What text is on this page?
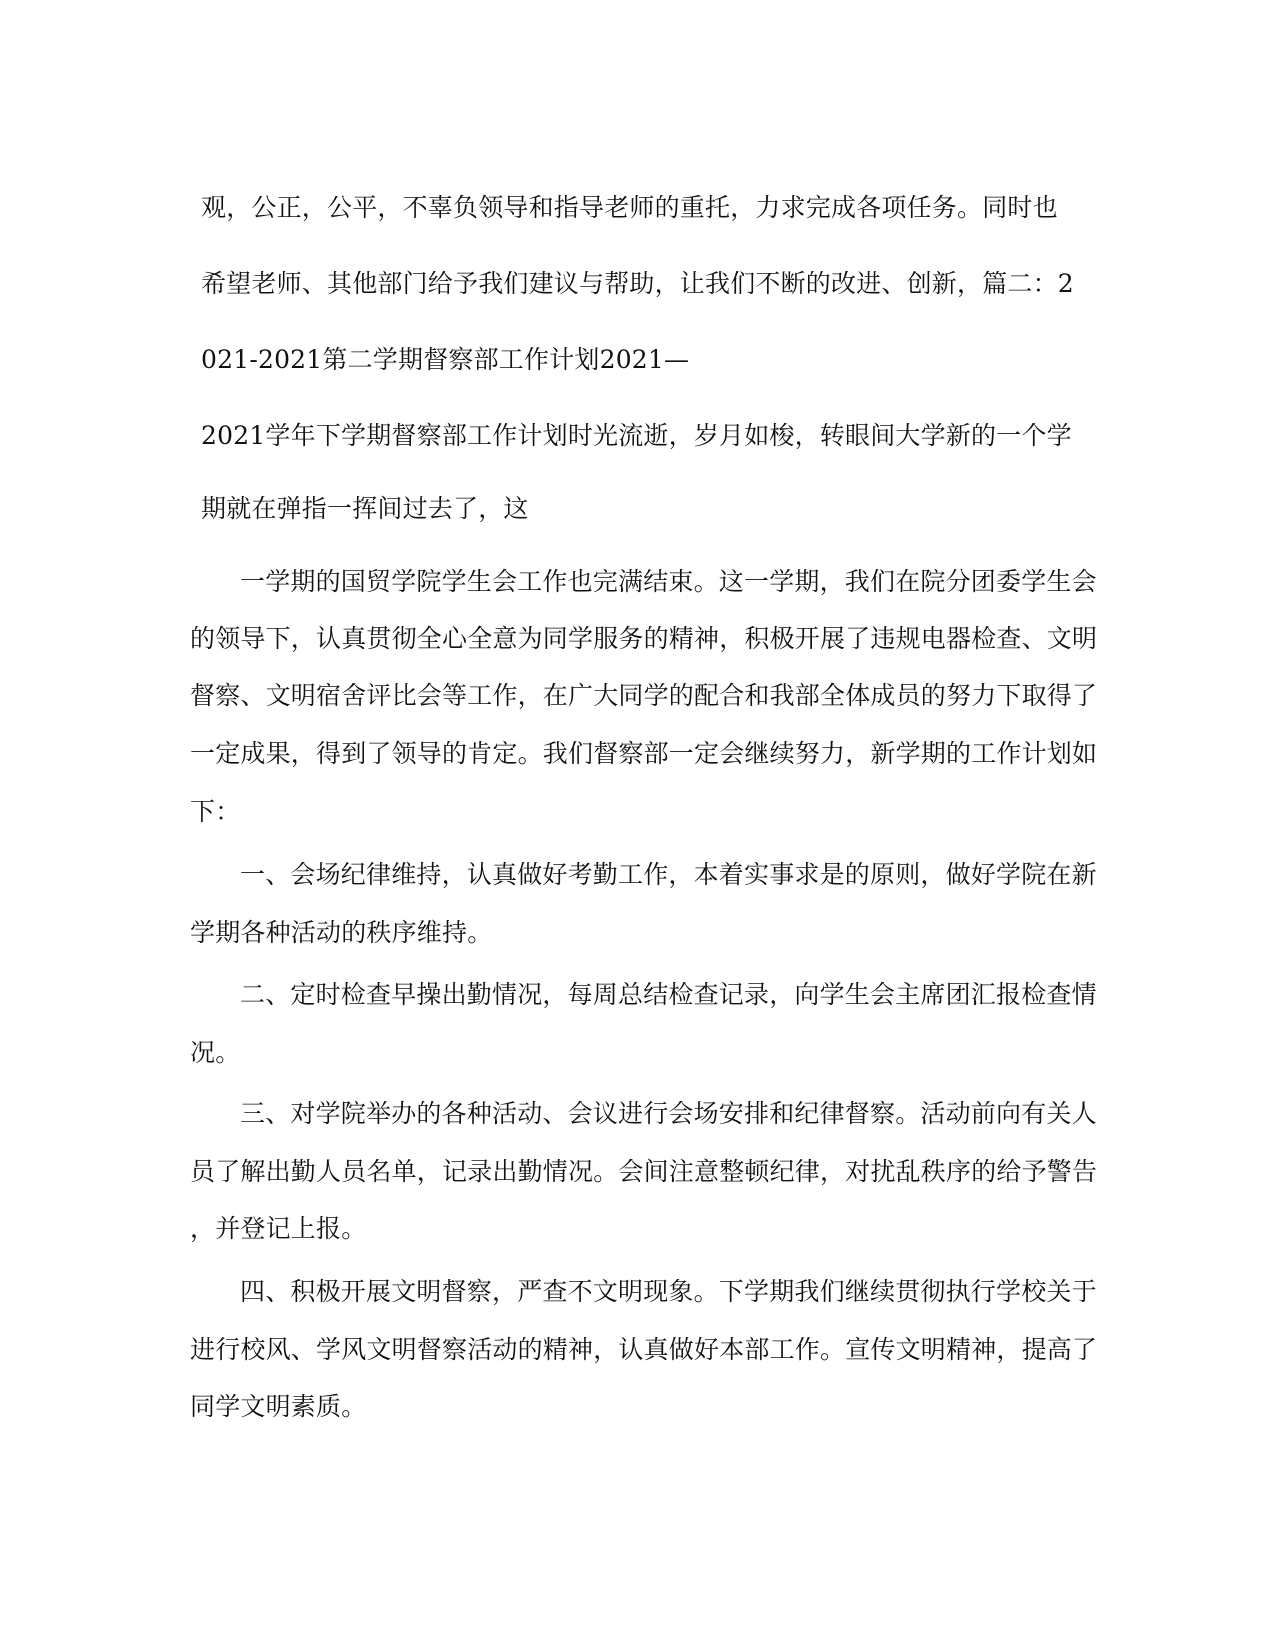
观，公正，公平，不辜负领导和指导老师的重托，力求完成各项任务。同时也
希望老师、其他部门给予我们建议与帮助，让我们不断的改进、创新，篇二：2
021-2021第二学期督察部工作计划2021—
2021学年下学期督察部工作计划时光流逝，岁月如梭，转眼间大学新的一个学
期就在弹指一挥间过去了，这
一学期的国贸学院学生会工作也完满结束。这一学期，我们在院分团委学生会
的领导下，认真贯彻全心全意为同学服务的精神，积极开展了违规电器检查、文明
督察、文明宿舍评比会等工作，在广大同学的配合和我部全体成员的努力下取得了
一定成果，得到了领导的肯定。我们督察部一定会继续努力，新学期的工作计划如
下：
一、会场纪律维持，认真做好考勤工作，本着实事求是的原则，做好学院在新
学期各种活动的秩序维持。
二、定时检查早操出勤情况，每周总结检查记录，向学生会主席团汇报检查情
况。
三、对学院举办的各种活动、会议进行会场安排和纪律督察。活动前向有关人
员了解出勤人员名单，记录出勤情况。会间注意整顿纪律，对扰乱秩序的给予警告
，并登记上报。
四、积极开展文明督察，严查不文明现象。下学期我们继续贯彻执行学校关于
进行校风、学风文明督察活动的精神，认真做好本部工作。宣传文明精神，提高了
同学文明素质。
